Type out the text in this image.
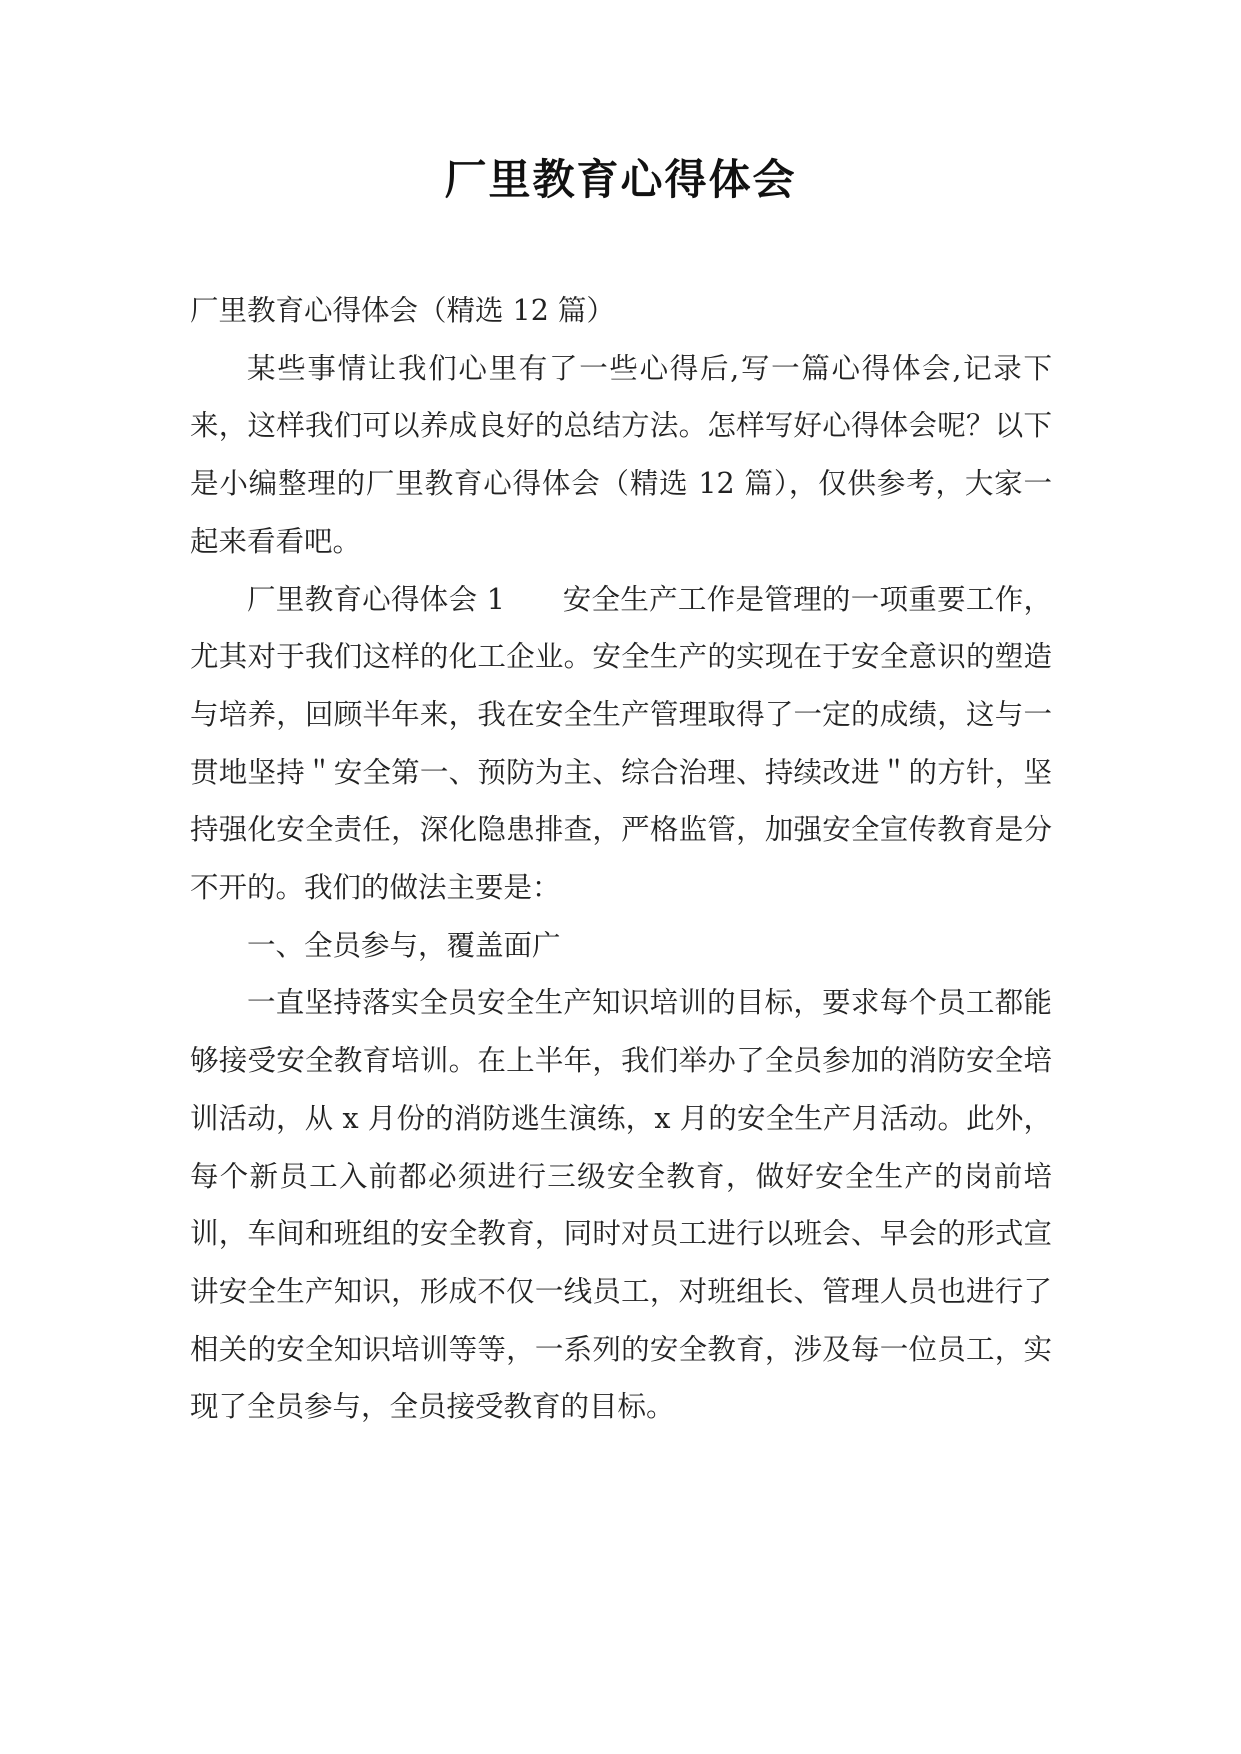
厂里教育心得体会

厂里教育心得体会（精选 12 篇）

某些事情让我们心里有了一些心得后,写一篇心得体会,记录下来，这样我们可以养成良好的总结方法。怎样写好心得体会呢？以下是小编整理的厂里教育心得体会（精选 12 篇），仅供参考，大家一起来看看吧。

厂里教育心得体会 1　　安全生产工作是管理的一项重要工作，尤其对于我们这样的化工企业。安全生产的实现在于安全意识的塑造与培养，回顾半年来，我在安全生产管理取得了一定的成绩，这与一贯地坚持＂安全第一、预防为主、综合治理、持续改进＂的方针，坚持强化安全责任，深化隐患排查，严格监管，加强安全宣传教育是分不开的。我们的做法主要是：

一、全员参与，覆盖面广

一直坚持落实全员安全生产知识培训的目标，要求每个员工都能够接受安全教育培训。在上半年，我们举办了全员参加的消防安全培训活动，从 x 月份的消防逃生演练，x 月的安全生产月活动。此外，每个新员工入前都必须进行三级安全教育，做好安全生产的岗前培训，车间和班组的安全教育，同时对员工进行以班会、早会的形式宣讲安全生产知识，形成不仅一线员工，对班组长、管理人员也进行了相关的安全知识培训等等，一系列的安全教育，涉及每一位员工，实现了全员参与，全员接受教育的目标。
